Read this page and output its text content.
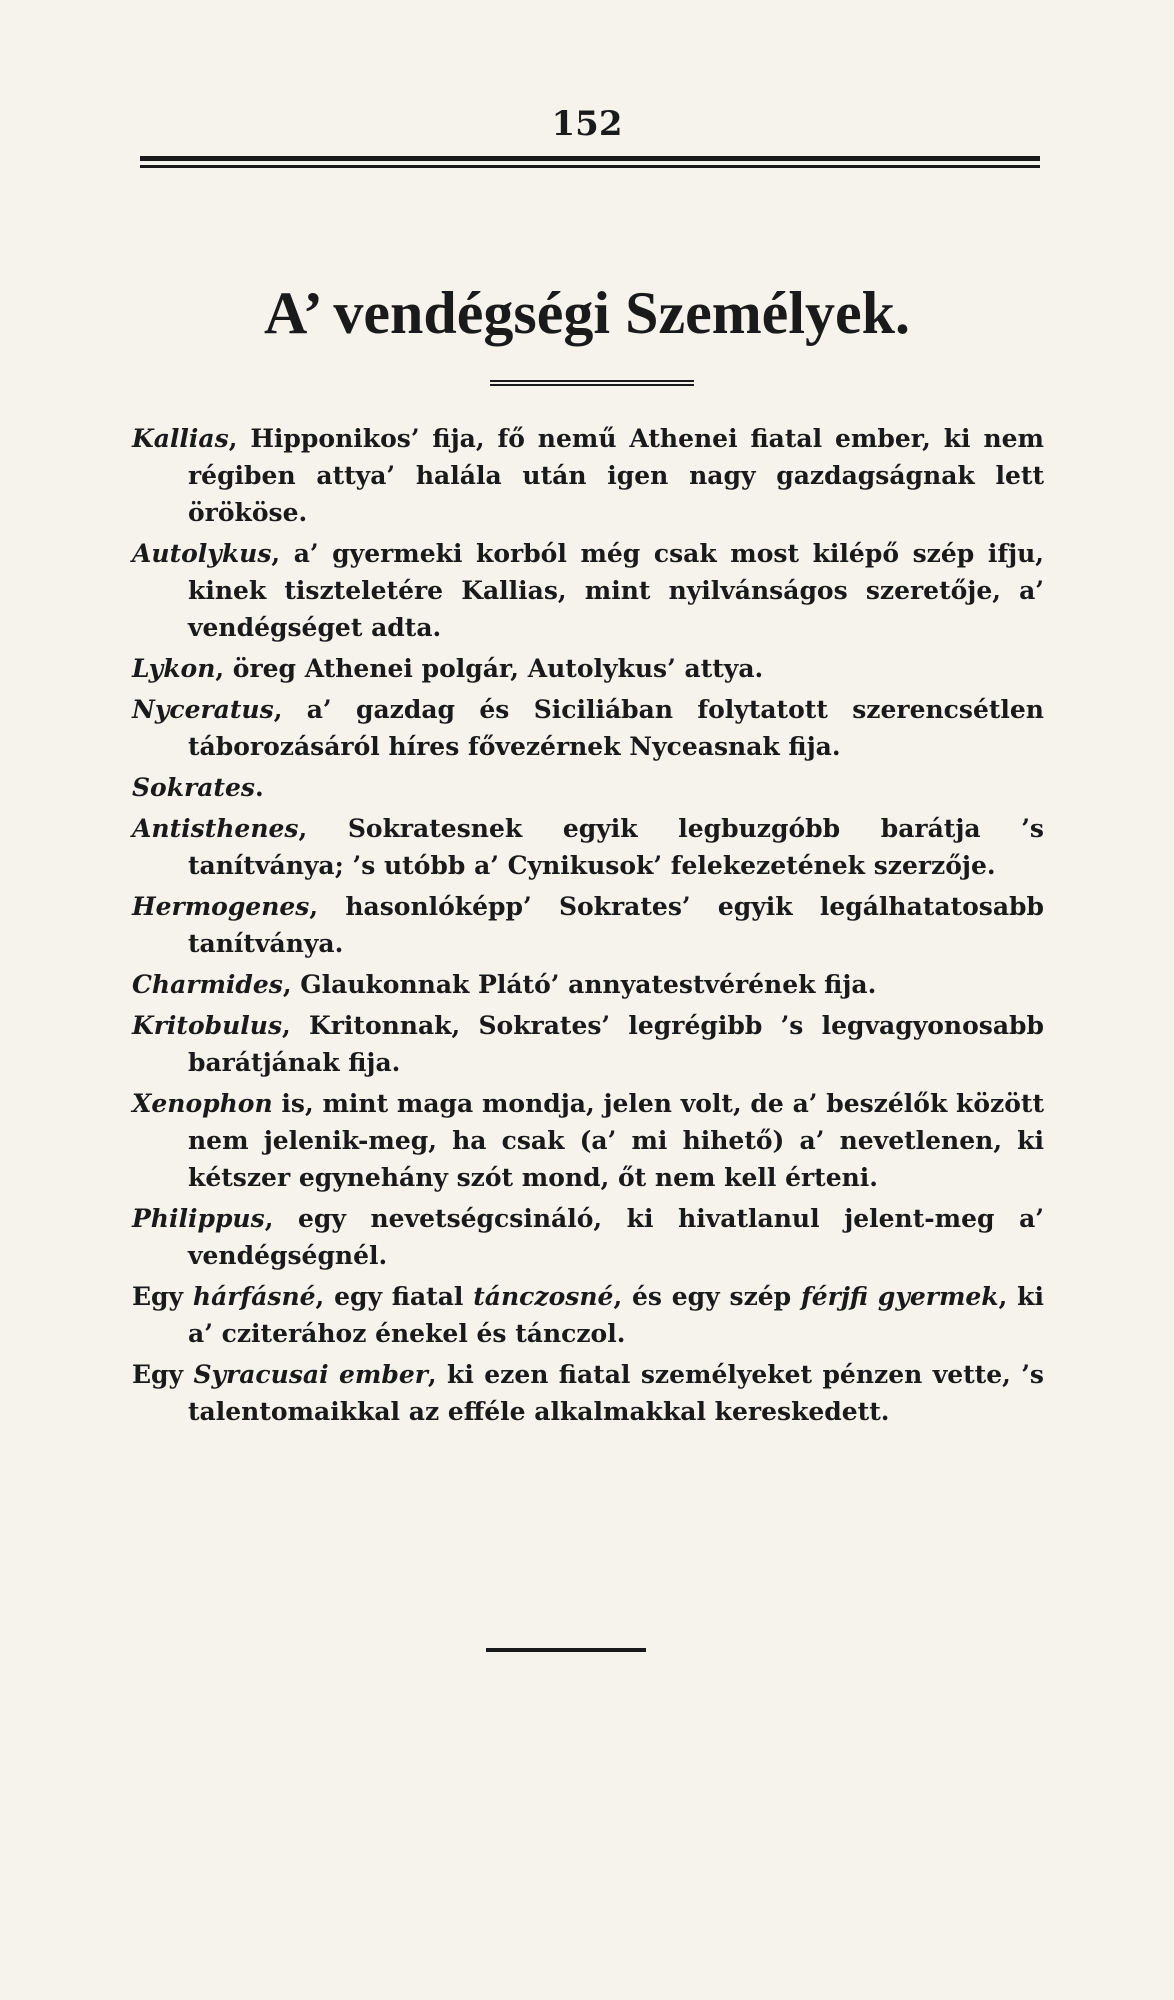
152
A’ vendégségi Személyek.

Kallias, Hipponikos’ fija, fő nemű Athenei fiatal ember, ki nem régiben attya’ halála után igen nagy gazdagságnak lett örököse.

Autolykus, a’ gyermeki korból még csak most kilépő szép ifju, kinek tiszteletére Kallias, mint nyilvánságos szeretője, a’ vendégséget adta.

Lykon, öreg Athenei polgár, Autolykus’ attya.

Nyceratus, a’ gazdag és Siciliában folytatott szerencsétlen táborozásáról híres fővezérnek Nyceasnak fija.

Sokrates.

Antisthenes, Sokratesnek egyik legbuzgóbb barátja ’s tanítványa; ’s utóbb a’ Cynikusok’ felekezetének szerzője.

Hermogenes, hasonlóképp’ Sokrates’ egyik legálhatatosabb tanítványa.

Charmides, Glaukonnak Plátó’ annyatestvérének fija.

Kritobulus, Kritonnak, Sokrates’ legrégibb ’s legvagyonosabb barátjának fija.

Xenophon is, mint maga mondja, jelen volt, de a’ beszélők között nem jelenik-meg, ha csak (a’ mi hihető) a’ nevetlenen, ki kétszer egynehány szót mond, őt nem kell érteni.

Philippus, egy nevetségcsináló, ki hivatlanul jelent-meg a’ vendégségnél.

Egy hárfásné, egy fiatal tánczosné, és egy szép férjfi gyermek, ki a’ cziterához énekel és tánczol.

Egy Syracusai ember, ki ezen fiatal személyeket pénzen vette, ’s talentomaikkal az efféle alkalmakkal kereskedett.
